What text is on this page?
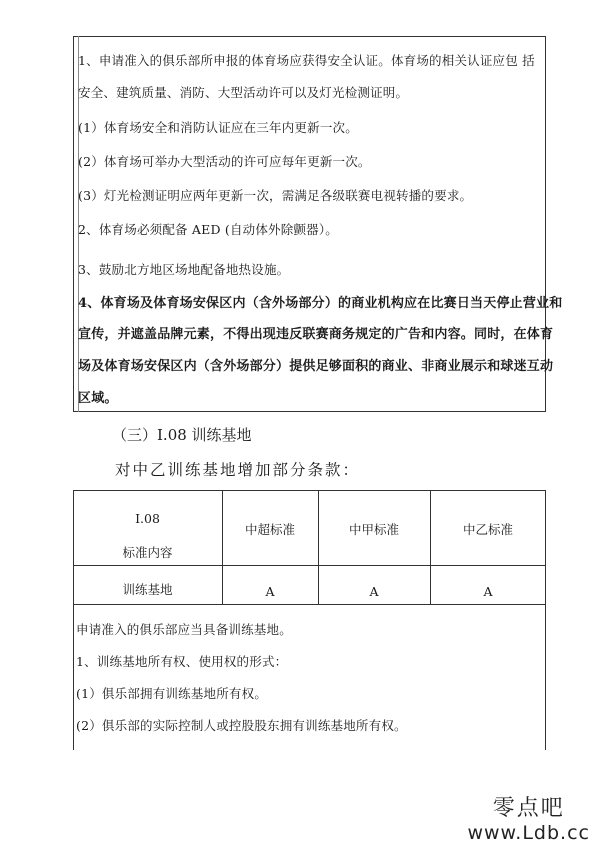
1、申请准入的俱乐部所申报的体育场应获得安全认证。体育场的相关认证应包 括
安全、建筑质量、消防、大型活动许可以及灯光检测证明。
(1）体育场安全和消防认证应在三年内更新一次。
(2）体育场可举办大型活动的许可应每年更新一次。
(3）灯光检测证明应两年更新一次，需满足各级联赛电视转播的要求。
2、体育场必须配备 AED (自动体外除颤器）。
3、鼓励北方地区场地配备地热设施。
4、体育场及体育场安保区内（含外场部分）的商业机构应在比赛日当天停止营业和
宣传，并遮盖品牌元素，不得出现违反联赛商务规定的广告和内容。同时，在体育
场及体育场安保区内（含外场部分）提供足够面积的商业、非商业展示和球迷互动
区域。
（三）I.08 训练基地
对中乙训练基地增加部分条款：
I.08
标准内容
中超标准	中甲标准	中乙标准
训练基地	A	A	A
申请准入的俱乐部应当具备训练基地。
1、训练基地所有权、使用权的形式：
(1）俱乐部拥有训练基地所有权。
(2）俱乐部的实际控制人或控股股东拥有训练基地所有权。
零点吧
www.Ldb.cc
